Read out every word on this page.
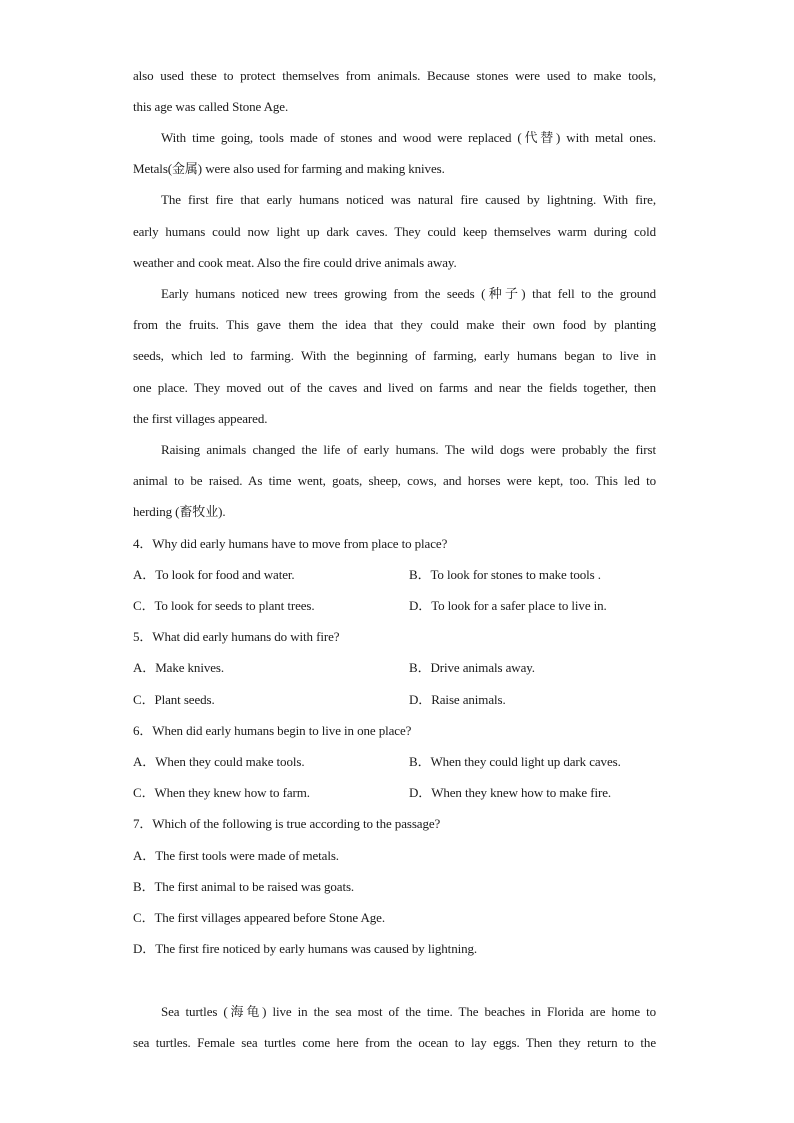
also used these to protect themselves from animals. Because stones were used to make tools,
this age was called Stone Age.
With time going, tools made of stones and wood were replaced (代替) with metal ones.
Metals(金属) were also used for farming and making knives.
The first fire that early humans noticed was natural fire caused by lightning. With fire,
early humans could now light up dark caves. They could keep themselves warm during cold
weather and cook meat. Also the fire could drive animals away.
Early humans noticed new trees growing from the seeds (种子) that fell to the ground
from the fruits. This gave them the idea that they could make their own food by planting
seeds, which led to farming. With the beginning of farming, early humans began to live in
one place. They moved out of the caves and lived on farms and near the fields together, then
the first villages appeared.
Raising animals changed the life of early humans. The wild dogs were probably the first
animal to be raised. As time went, goats, sheep, cows, and horses were kept, too. This led to
herding (畜牧业).
4．Why did early humans have to move from place to place?
A．To look for food and water.	B．To look for stones to make tools .
C．To look for seeds to plant trees.	D．To look for a safer place to live in.
5．What did early humans do with fire?
A．Make knives.	B．Drive animals away.
C．Plant seeds.	D．Raise animals.
6．When did early humans begin to live in one place?
A．When they could make tools.	B．When they could light up dark caves.
C．When they knew how to farm.	D．When they knew how to make fire.
7．Which of the following is true according to the passage?
A．The first tools were made of metals.
B．The first animal to be raised was goats.
C．The first villages appeared before Stone Age.
D．The first fire noticed by early humans was caused by lightning.
Sea turtles (海龟) live in the sea most of the time. The beaches in Florida are home to
sea turtles. Female sea turtles come here from the ocean to lay eggs. Then they return to the
